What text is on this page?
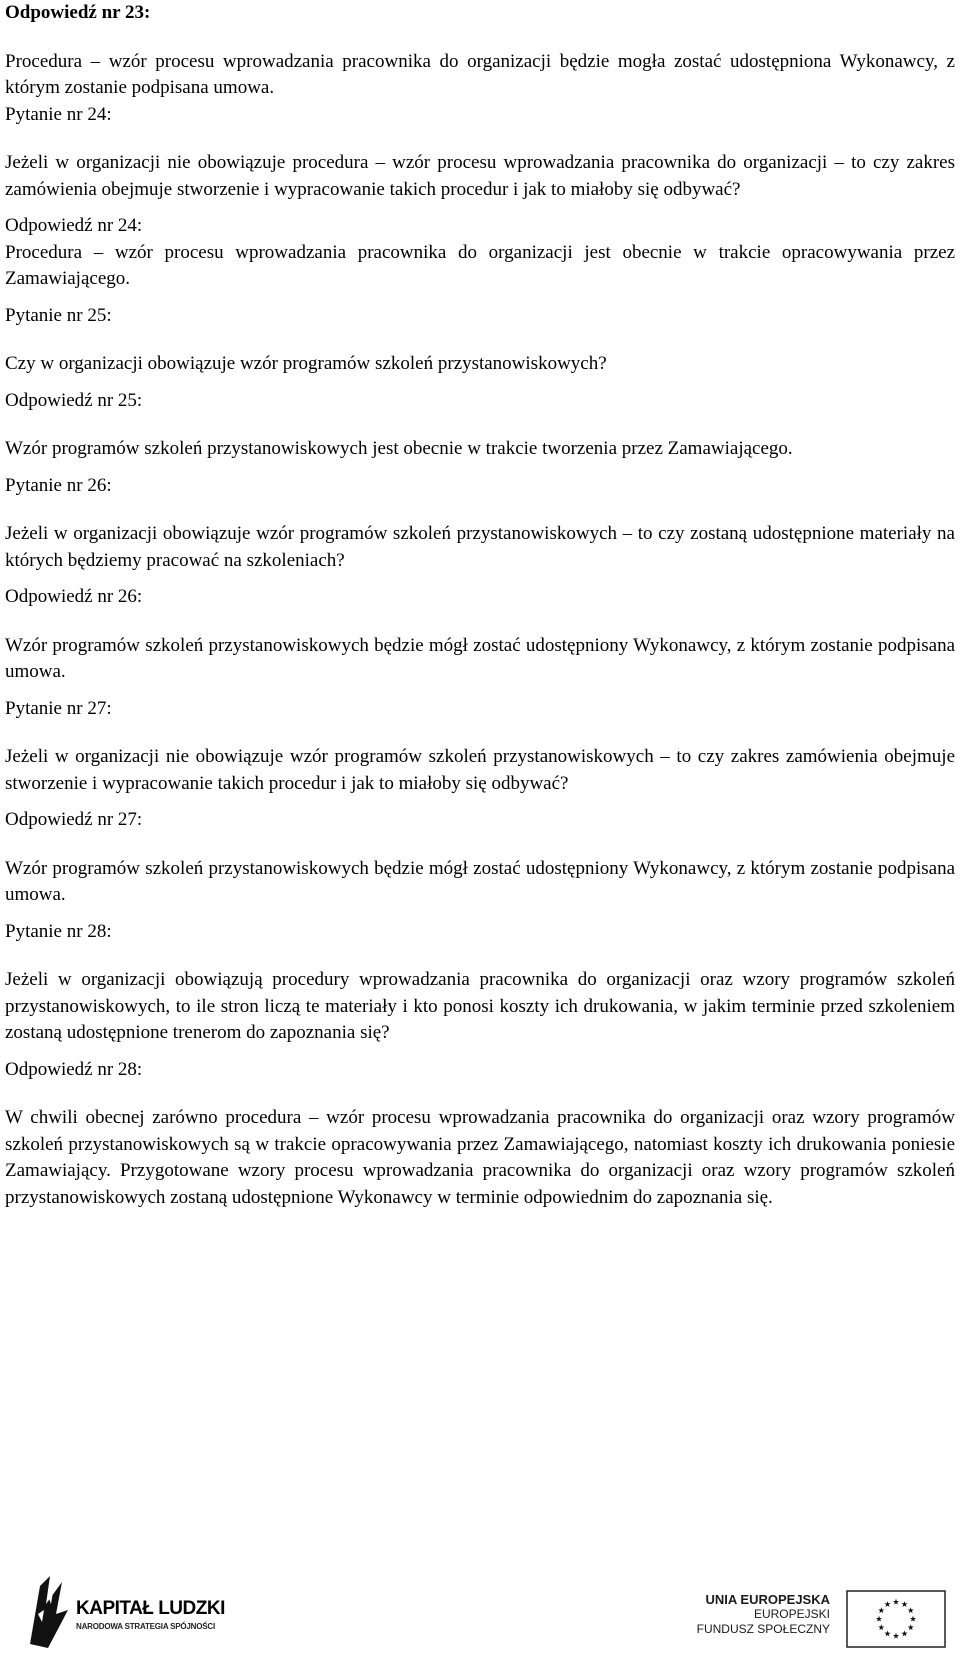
Odpowiedź nr 23:

Procedura – wzór procesu wprowadzania pracownika do organizacji będzie mogła zostać udostępniona Wykonawcy, z którym zostanie podpisana umowa.

Pytanie nr 24:

Jeżeli w organizacji nie obowiązuje procedura – wzór procesu wprowadzania pracownika do organizacji – to czy zakres zamówienia obejmuje stworzenie i wypracowanie takich procedur i jak to miałoby się odbywać?

Odpowiedź nr 24:

Procedura – wzór procesu wprowadzania pracownika do organizacji jest obecnie w trakcie opracowywania przez Zamawiającego.

Pytanie nr 25:

Czy w organizacji obowiązuje wzór programów szkoleń przystanowiskowych?

Odpowiedź nr 25:

Wzór programów szkoleń przystanowiskowych jest obecnie w trakcie tworzenia przez Zamawiającego.

Pytanie nr 26:

Jeżeli w organizacji obowiązuje wzór programów szkoleń przystanowiskowych – to czy zostaną udostępnione materiały na których będziemy pracować na szkoleniach?

Odpowiedź nr 26:

Wzór programów szkoleń przystanowiskowych będzie mógł zostać udostępniony Wykonawcy, z którym zostanie podpisana umowa.

Pytanie nr 27:

Jeżeli w organizacji nie obowiązuje wzór programów szkoleń przystanowiskowych – to czy zakres zamówienia obejmuje stworzenie i wypracowanie takich procedur i jak to miałoby się odbywać?

Odpowiedź nr 27:

Wzór programów szkoleń przystanowiskowych będzie mógł zostać udostępniony Wykonawcy, z którym zostanie podpisana umowa.

Pytanie nr 28:

Jeżeli w organizacji obowiązują procedury wprowadzania pracownika do organizacji oraz wzory programów szkoleń przystanowiskowych, to ile stron liczą te materiały i kto ponosi koszty ich drukowania, w jakim terminie przed szkoleniem zostaną udostępnione trenerom do zapoznania się?

Odpowiedź nr 28:

W chwili obecnej zarówno procedura – wzór procesu wprowadzania pracownika do organizacji oraz wzory programów szkoleń przystanowiskowych są w trakcie opracowywania przez Zamawiającego, natomiast koszty ich drukowania poniesie Zamawiający. Przygotowane wzory procesu wprowadzania pracownika do organizacji oraz wzory programów szkoleń przystanowiskowych zostaną udostępnione Wykonawcy w terminie odpowiednim do zapoznania się.

KAPITAŁ LUDZKI
NARODOWA STRATEGIA SPÓJNOŚCI
UNIA EUROPEJSKA
EUROPEJSKI
FUNDUSZ SPOŁECZNY
